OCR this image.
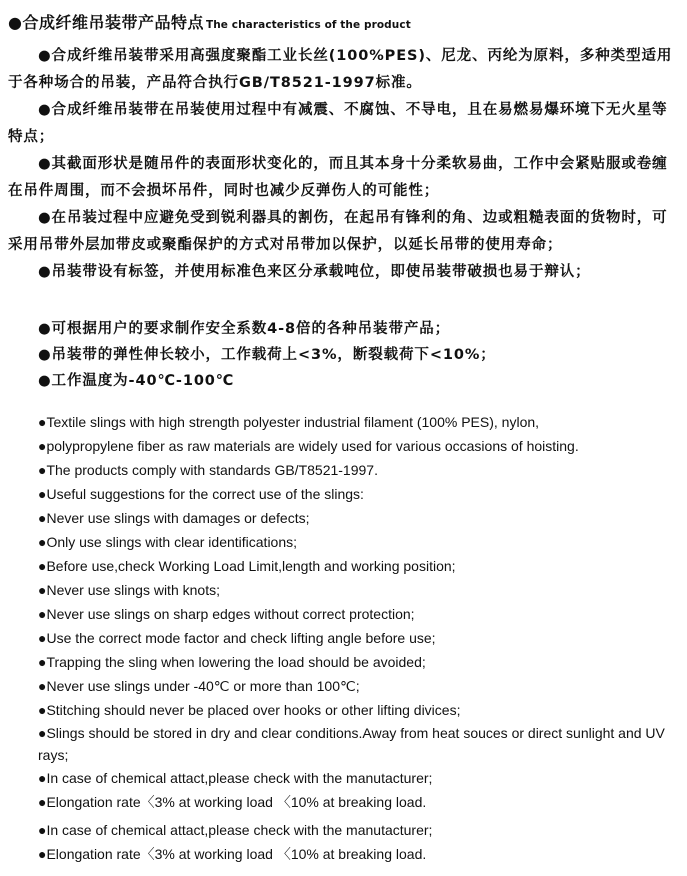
●合成纤维吊装带产品特点 The characteristics of the product

●合成纤维吊装带采用高强度聚酯工业长丝(100%PES)、尼龙、丙纶为原料，多种类型适用于各种场合的吊装，产品符合执行GB/T8521-1997标准。

●合成纤维吊装带在吊装使用过程中有减震、不腐蚀、不导电，且在易燃易爆环境下无火星等特点；

●其截面形状是随吊件的表面形状变化的，而且其本身十分柔软易曲，工作中会紧贴服或卷缠在吊件周围，而不会损坏吊件，同时也减少反弹伤人的可能性；

●在吊装过程中应避免受到锐利器具的割伤，在起吊有锋利的角、边或粗糙表面的货物时，可采用吊带外层加带皮或聚酯保护的方式对吊带加以保护，以延长吊带的使用寿命；

●吊装带设有标签，并使用标准色来区分承载吨位，即使吊装带破损也易于辩认；

●可根据用户的要求制作安全系数4-8倍的各种吊装带产品；

●吊装带的弹性伸长较小，工作载荷上<3%，断裂载荷下<10%；

●工作温度为-40℃-100℃

●Textile slings with high strength polyester industrial filament (100% PES), nylon,

●polypropylene fiber as raw materials are widely used for various occasions of hoisting.

●The products comply with standards GB/T8521-1997.

●Useful suggestions for the correct use of the slings:

●Never use slings with damages or defects;

●Only use slings with clear identifications;

●Before use,check Working Load Limit,length and working position;

●Never use slings with knots;

●Never use slings on sharp edges without correct protection;

●Use the correct mode factor and check lifting angle before use;

●Trapping the sling when lowering the load should be avoided;

●Never use slings under -40℃ or more than 100℃;

●Stitching should never be placed over hooks or other lifting divices;

●Slings should be stored in dry and clear conditions.Away from heat souces or direct sunlight and UV rays;

●In case of chemical attact,please check with the manutacturer;

●Elongation rate〈3% at working load 〈10% at breaking load.

●In case of chemical attact,please check with the manutacturer;

●Elongation rate〈3% at working load 〈10% at breaking load.
